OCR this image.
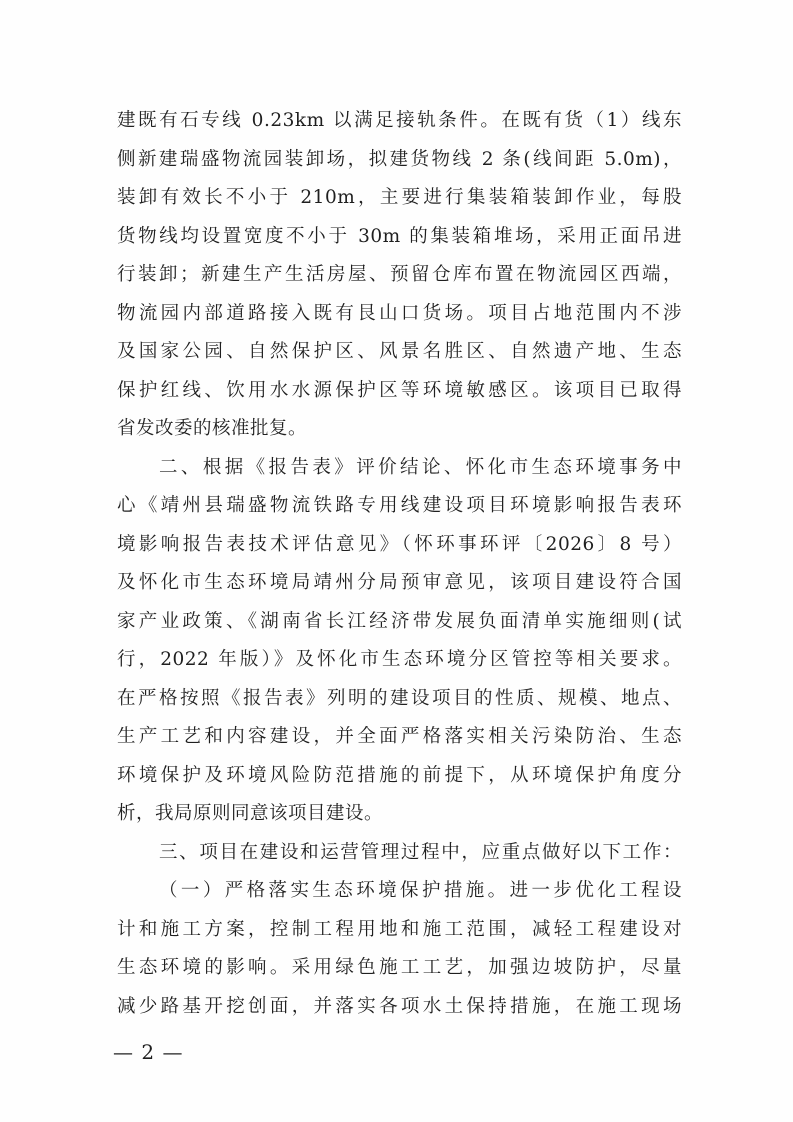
建既有石专线 0.23km 以满足接轨条件。在既有货（1）线东
侧新建瑞盛物流园装卸场，拟建货物线 2 条(线间距 5.0m)，
装卸有效长不小于 210m，主要进行集装箱装卸作业，每股
货物线均设置宽度不小于 30m 的集装箱堆场，采用正面吊进
行装卸；新建生产生活房屋、预留仓库布置在物流园区西端，
物流园内部道路接入既有艮山口货场。项目占地范围内不涉
及国家公园、自然保护区、风景名胜区、自然遗产地、生态
保护红线、饮用水水源保护区等环境敏感区。该项目已取得
省发改委的核准批复。
二、根据《报告表》评价结论、怀化市生态环境事务中
心《靖州县瑞盛物流铁路专用线建设项目环境影响报告表环
境影响报告表技术评估意见》（怀环事环评〔2026〕8 号）
及怀化市生态环境局靖州分局预审意见，该项目建设符合国
家产业政策、《湖南省长江经济带发展负面清单实施细则(试
行，2022 年版）》及怀化市生态环境分区管控等相关要求。
在严格按照《报告表》列明的建设项目的性质、规模、地点、
生产工艺和内容建设，并全面严格落实相关污染防治、生态
环境保护及环境风险防范措施的前提下，从环境保护角度分
析，我局原则同意该项目建设。
三、项目在建设和运营管理过程中，应重点做好以下工作：
（一）严格落实生态环境保护措施。进一步优化工程设
计和施工方案，控制工程用地和施工范围，减轻工程建设对
生态环境的影响。采用绿色施工工艺，加强边坡防护，尽量
减少路基开挖创面，并落实各项水土保持措施，在施工现场
— 2 —
